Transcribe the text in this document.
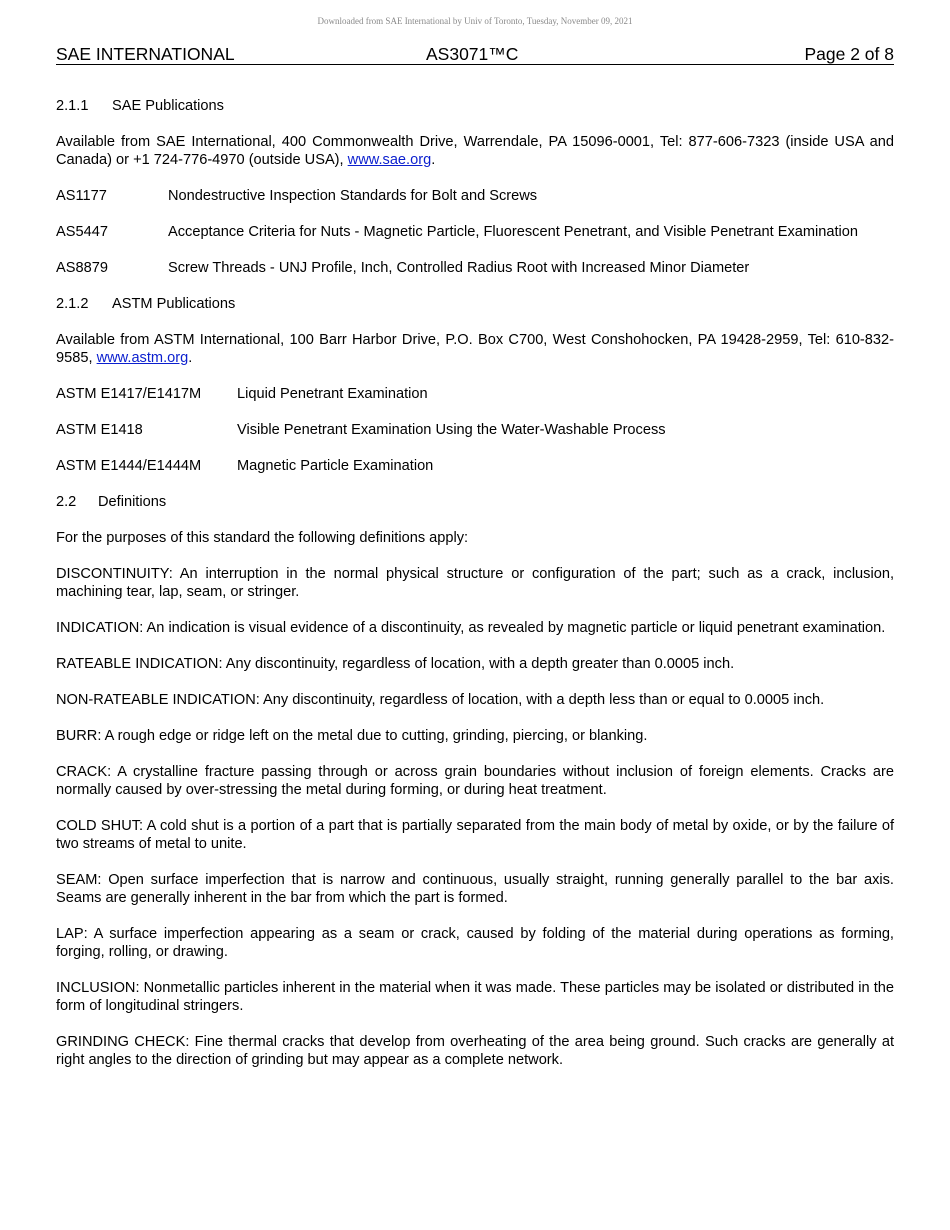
Downloaded from SAE International by Univ of Toronto, Tuesday, November 09, 2021
SAE INTERNATIONAL	AS3071™C	Page 2 of 8

2.1.1 SAE Publications

Available from SAE International, 400 Commonwealth Drive, Warrendale, PA 15096-0001, Tel: 877-606-7323 (inside USA and Canada) or +1 724-776-4970 (outside USA), www.sae.org.

AS1177	Nondestructive Inspection Standards for Bolt and Screws
AS5447	Acceptance Criteria for Nuts - Magnetic Particle, Fluorescent Penetrant, and Visible Penetrant Examination
AS8879	Screw Threads - UNJ Profile, Inch, Controlled Radius Root with Increased Minor Diameter

2.1.2 ASTM Publications

Available from ASTM International, 100 Barr Harbor Drive, P.O. Box C700, West Conshohocken, PA 19428-2959, Tel: 610-832-9585, www.astm.org.

ASTM E1417/E1417M Liquid Penetrant Examination
ASTM E1418	Visible Penetrant Examination Using the Water-Washable Process
ASTM E1444/E1444M Magnetic Particle Examination

2.2 Definitions

For the purposes of this standard the following definitions apply:

DISCONTINUITY: An interruption in the normal physical structure or configuration of the part; such as a crack, inclusion, machining tear, lap, seam, or stringer.

INDICATION: An indication is visual evidence of a discontinuity, as revealed by magnetic particle or liquid penetrant examination.

RATEABLE INDICATION: Any discontinuity, regardless of location, with a depth greater than 0.0005 inch.

NON-RATEABLE INDICATION: Any discontinuity, regardless of location, with a depth less than or equal to 0.0005 inch.

BURR: A rough edge or ridge left on the metal due to cutting, grinding, piercing, or blanking.

CRACK: A crystalline fracture passing through or across grain boundaries without inclusion of foreign elements. Cracks are normally caused by over-stressing the metal during forming, or during heat treatment.

COLD SHUT: A cold shut is a portion of a part that is partially separated from the main body of metal by oxide, or by the failure of two streams of metal to unite.

SEAM: Open surface imperfection that is narrow and continuous, usually straight, running generally parallel to the bar axis. Seams are generally inherent in the bar from which the part is formed.

LAP: A surface imperfection appearing as a seam or crack, caused by folding of the material during operations as forming, forging, rolling, or drawing.

INCLUSION: Nonmetallic particles inherent in the material when it was made. These particles may be isolated or distributed in the form of longitudinal stringers.

GRINDING CHECK: Fine thermal cracks that develop from overheating of the area being ground. Such cracks are generally at right angles to the direction of grinding but may appear as a complete network.
